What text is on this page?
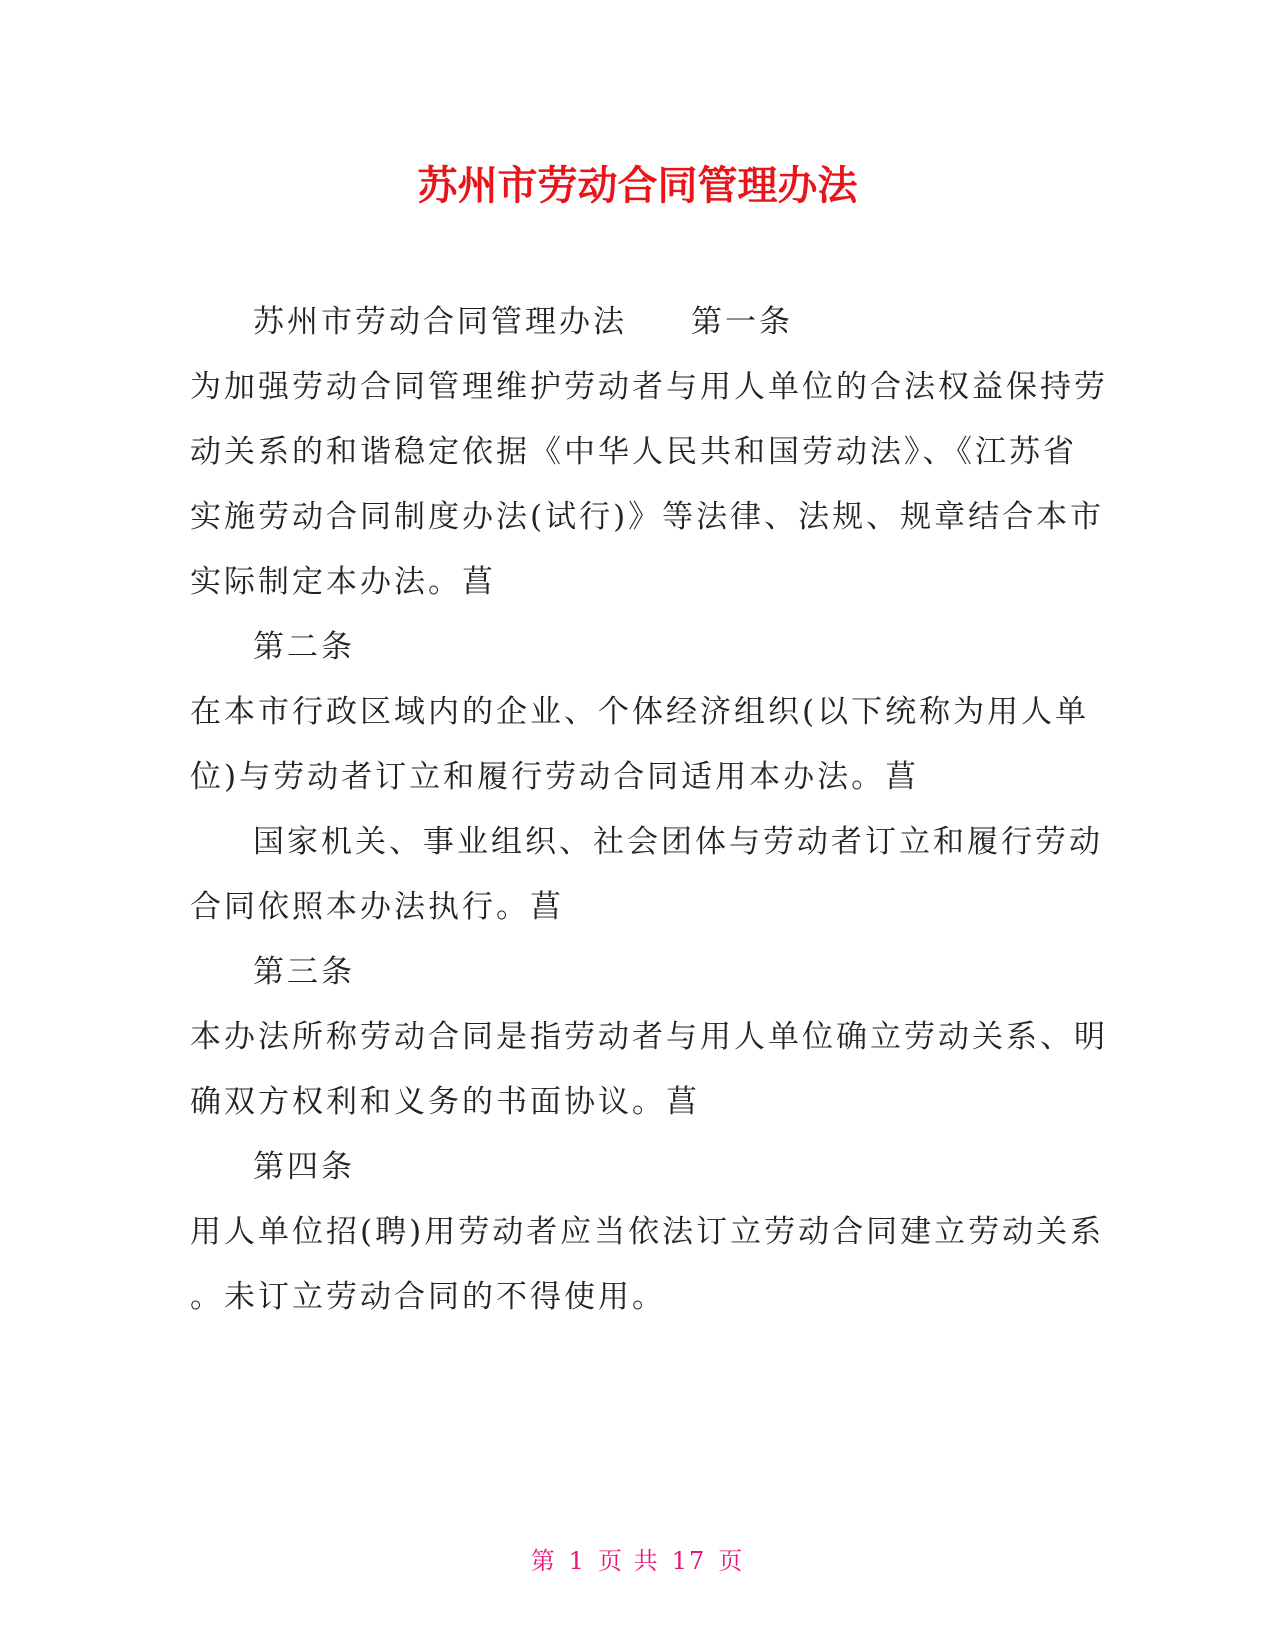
苏州市劳动合同管理办法
苏州市劳动合同管理办法 第一条
为加强劳动合同管理维护劳动者与用人单位的合法权益保持劳
动关系的和谐稳定依据《中华人民共和国劳动法》、《江苏省
实施劳动合同制度办法(试行)》等法律、法规、规章结合本市
实际制定本办法。菖
第二条
在本市行政区域内的企业、个体经济组织(以下统称为用人单
位)与劳动者订立和履行劳动合同适用本办法。菖
国家机关、事业组织、社会团体与劳动者订立和履行劳动
合同依照本办法执行。菖
第三条
本办法所称劳动合同是指劳动者与用人单位确立劳动关系、明
确双方权利和义务的书面协议。菖
第四条
用人单位招(聘)用劳动者应当依法订立劳动合同建立劳动关系
。未订立劳动合同的不得使用。
第 1 页 共 17 页
